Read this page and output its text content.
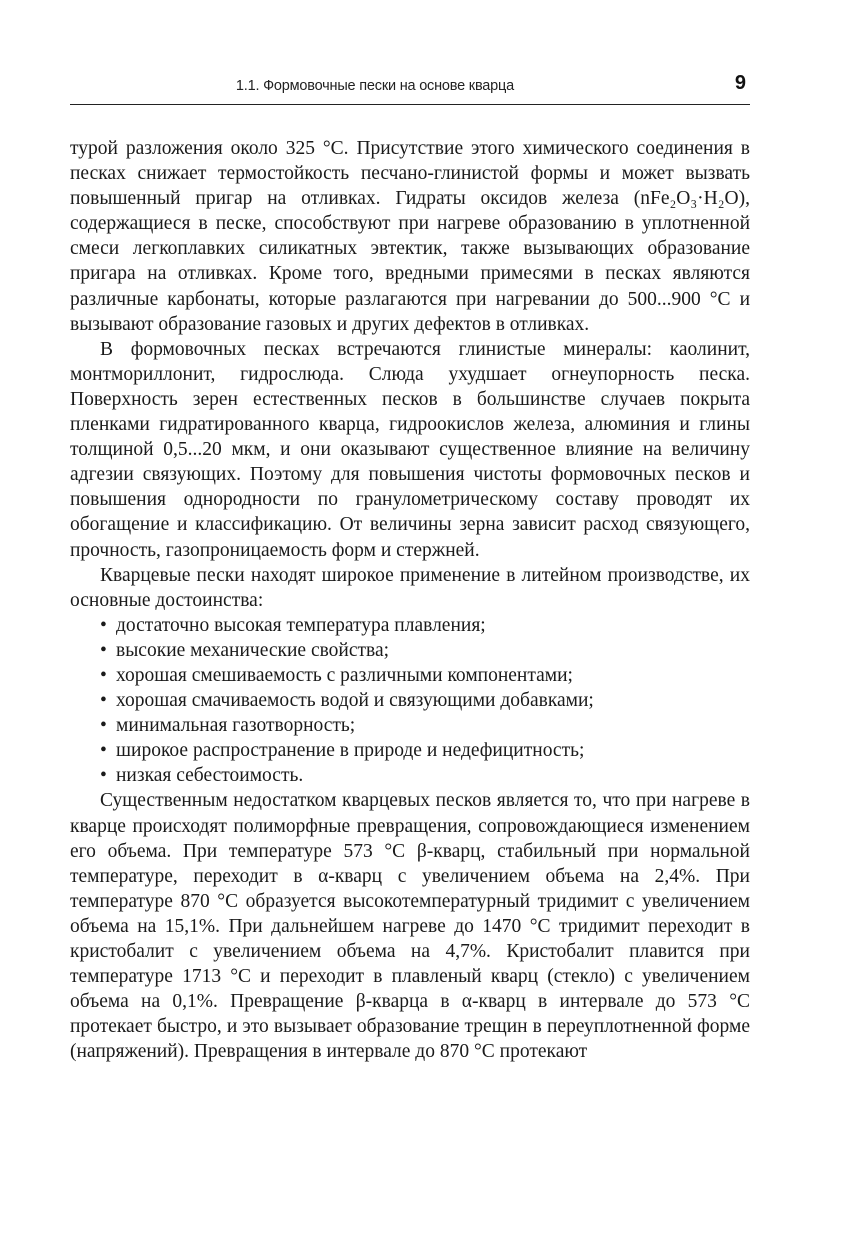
1.1. Формовочные пески на основе кварца	9

турой разложения около 325 °С. Присутствие этого химического соединения в песках снижает термостойкость песчано-глинистой формы и может вызвать повышенный пригар на отливках. Гидраты оксидов железа (nFe₂O₃·H₂O), содержащиеся в песке, способствуют при нагреве образованию в уплотненной смеси легкоплавких силикатных эвтектик, также вызывающих образование пригара на отливках. Кроме того, вредными примесями в песках являются различные карбонаты, которые разлагаются при нагревании до 500...900 °С и вызывают образование газовых и других дефектов в отливках.

В формовочных песках встречаются глинистые минералы: каолинит, монтмориллонит, гидрослюда. Слюда ухудшает огнеупорность песка. Поверхность зерен естественных песков в большинстве случаев покрыта пленками гидратированного кварца, гидроокислов железа, алюминия и глины толщиной 0,5...20 мкм, и они оказывают существенное влияние на величину адгезии связующих. Поэтому для повышения чистоты формовочных песков и повышения однородности по гранулометрическому составу проводят их обогащение и классификацию. От величины зерна зависит расход связующего, прочность, газопроницаемость форм и стержней.

Кварцевые пески находят широкое применение в литейном производстве, их основные достоинства:

• достаточно высокая температура плавления;
• высокие механические свойства;
• хорошая смешиваемость с различными компонентами;
• хорошая смачиваемость водой и связующими добавками;
• минимальная газотворность;
• широкое распространение в природе и недефицитность;
• низкая себестоимость.

Существенным недостатком кварцевых песков является то, что при нагреве в кварце происходят полиморфные превращения, сопровождающиеся изменением его объема. При температуре 573 °С β-кварц, стабильный при нормальной температуре, переходит в α-кварц с увеличением объема на 2,4%. При температуре 870 °С образуется высокотемпературный тридимит с увеличением объема на 15,1%. При дальнейшем нагреве до 1470 °С тридимит переходит в кристобалит с увеличением объема на 4,7%. Кристобалит плавится при температуре 1713 °С и переходит в плавленый кварц (стекло) с увеличением объема на 0,1%. Превращение β-кварца в α-кварц в интервале до 573 °С протекает быстро, и это вызывает образование трещин в переуплотненной форме (напряжений). Превращения в интервале до 870 °С протекают
